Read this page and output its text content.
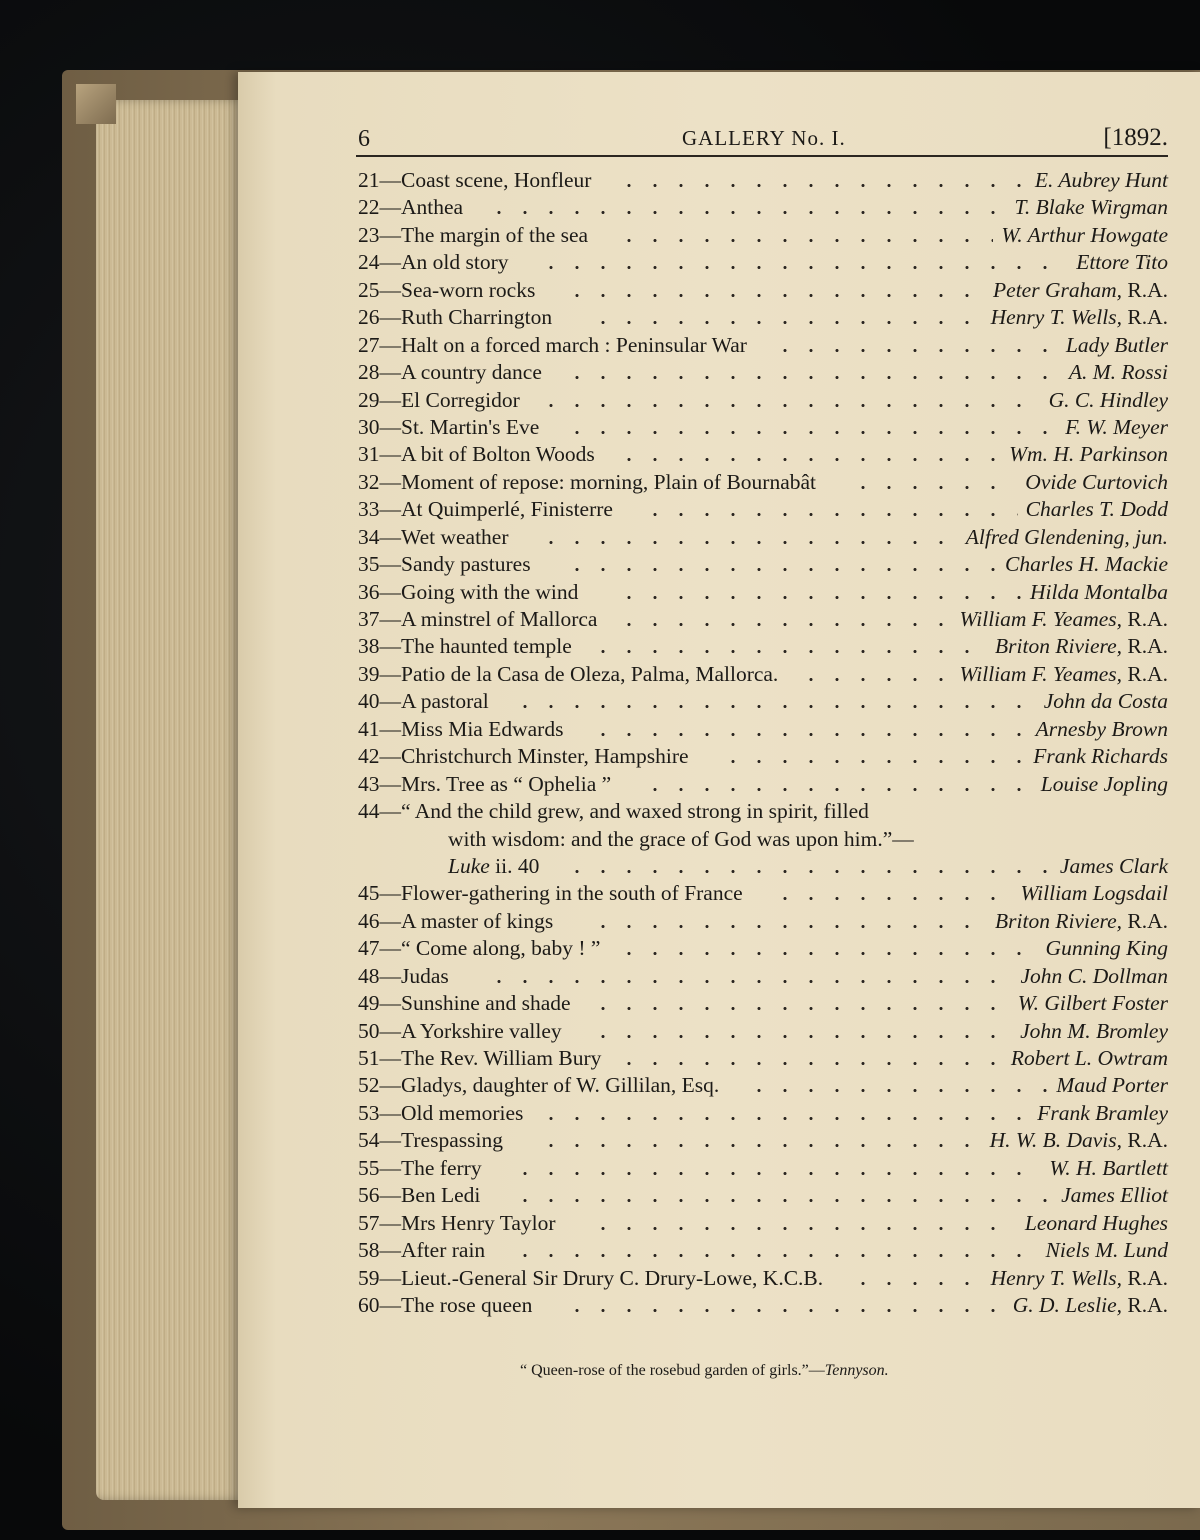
6	GALLERY No. I.	[1892.
21—Coast scene, Honfleur	E. Aubrey Hunt
22—Anthea	T. Blake Wirgman
23—The margin of the sea	W. Arthur Howgate
24—An old story	Ettore Tito
25—Sea-worn rocks	Peter Graham, R.A.
26—Ruth Charrington	Henry T. Wells, R.A.
27—Halt on a forced march : Peninsular War	Lady Butler
28—A country dance	A. M. Rossi
29—El Corregidor	G. C. Hindley
30—St. Martin's Eve	F. W. Meyer
31—A bit of Bolton Woods	Wm. H. Parkinson
32—Moment of repose: morning, Plain of Bournabât	Ovide Curtovich
33—At Quimperlé, Finisterre	Charles T. Dodd
34—Wet weather	Alfred Glendening, jun.
35—Sandy pastures	Charles H. Mackie
36—Going with the wind	Hilda Montalba
37—A minstrel of Mallorca	William F. Yeames, R.A.
38—The haunted temple	Briton Riviere, R.A.
39—Patio de la Casa de Oleza, Palma, Mallorca.	William F. Yeames, R.A.
40—A pastoral	John da Costa
41—Miss Mia Edwards	Arnesby Brown
42—Christchurch Minster, Hampshire	Frank Richards
43—Mrs. Tree as “ Ophelia ”	Louise Jopling
44—“ And the child grew, and waxed strong in spirit, filled
with wisdom: and the grace of God was upon him.”—
Luke ii. 40	James Clark
45—Flower-gathering in the south of France	William Logsdail
46—A master of kings	Briton Riviere, R.A.
47—“ Come along, baby ! ”	Gunning King
48—Judas	John C. Dollman
49—Sunshine and shade	W. Gilbert Foster
50—A Yorkshire valley	John M. Bromley
51—The Rev. William Bury	Robert L. Owtram
52—Gladys, daughter of W. Gillilan, Esq.	Maud Porter
53—Old memories	Frank Bramley
54—Trespassing	H. W. B. Davis, R.A.
55—The ferry	W. H. Bartlett
56—Ben Ledi	James Elliot
57—Mrs Henry Taylor	Leonard Hughes
58—After rain	Niels M. Lund
59—Lieut.-General Sir Drury C. Drury-Lowe, K.C.B.	Henry T. Wells, R.A.
60—The rose queen	G. D. Leslie, R.A.
“ Queen-rose of the rosebud garden of girls.”—Tennyson.
